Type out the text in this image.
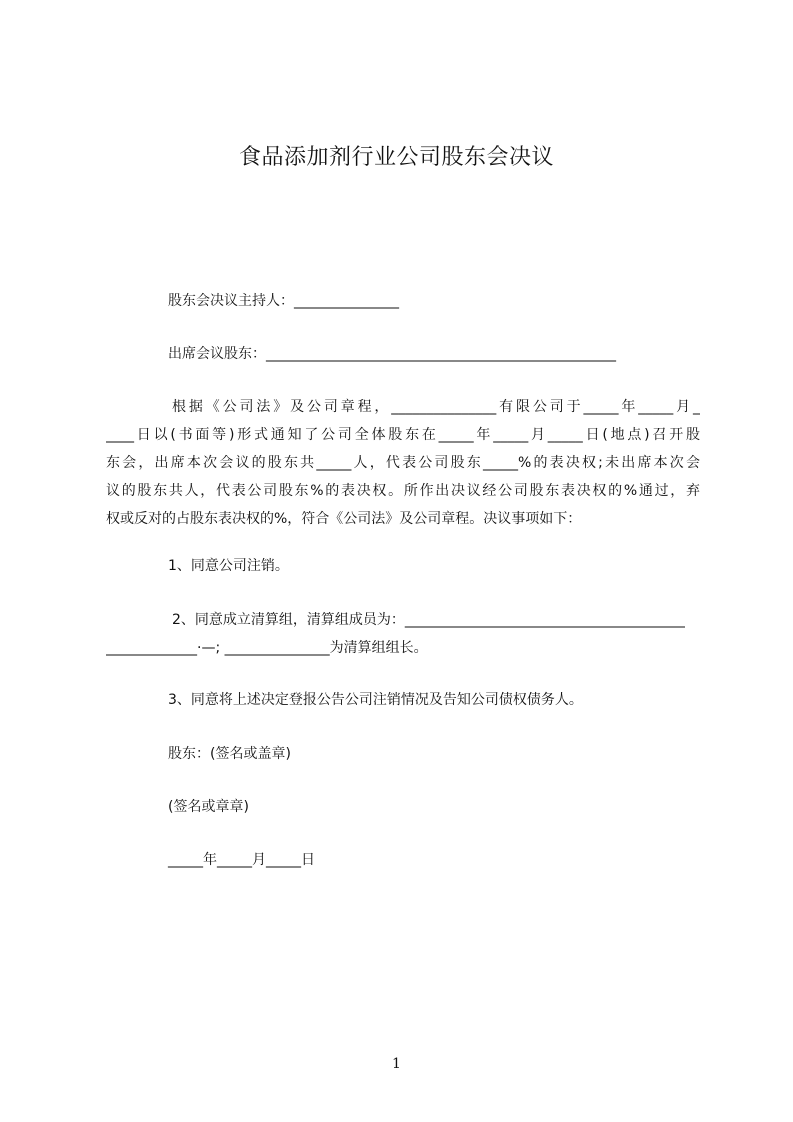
食品添加剂行业公司股东会决议
股东会决议主持人：_______________
出席会议股东：__________________________________________________
根据《公司法》及公司章程，_______________有限公司于_____年_____月_
____日以(书面等)形式通知了公司全体股东在_____年_____月_____日(地点)召开股
东会，出席本次会议的股东共_____人，代表公司股东_____%的表决权;未出席本次会
议的股东共人，代表公司股东%的表决权。所作出决议经公司股东表决权的%通过，弃
权或反对的占股东表决权的%，符合《公司法》及公司章程。决议事项如下：
1、同意公司注销。
2、同意成立清算组，清算组成员为：________________________________________
_____________·—; _______________为清算组组长。
3、同意将上述决定登报公告公司注销情况及告知公司债权债务人。
股东：(签名或盖章)
(签名或章章)
_____年_____月_____日
1
